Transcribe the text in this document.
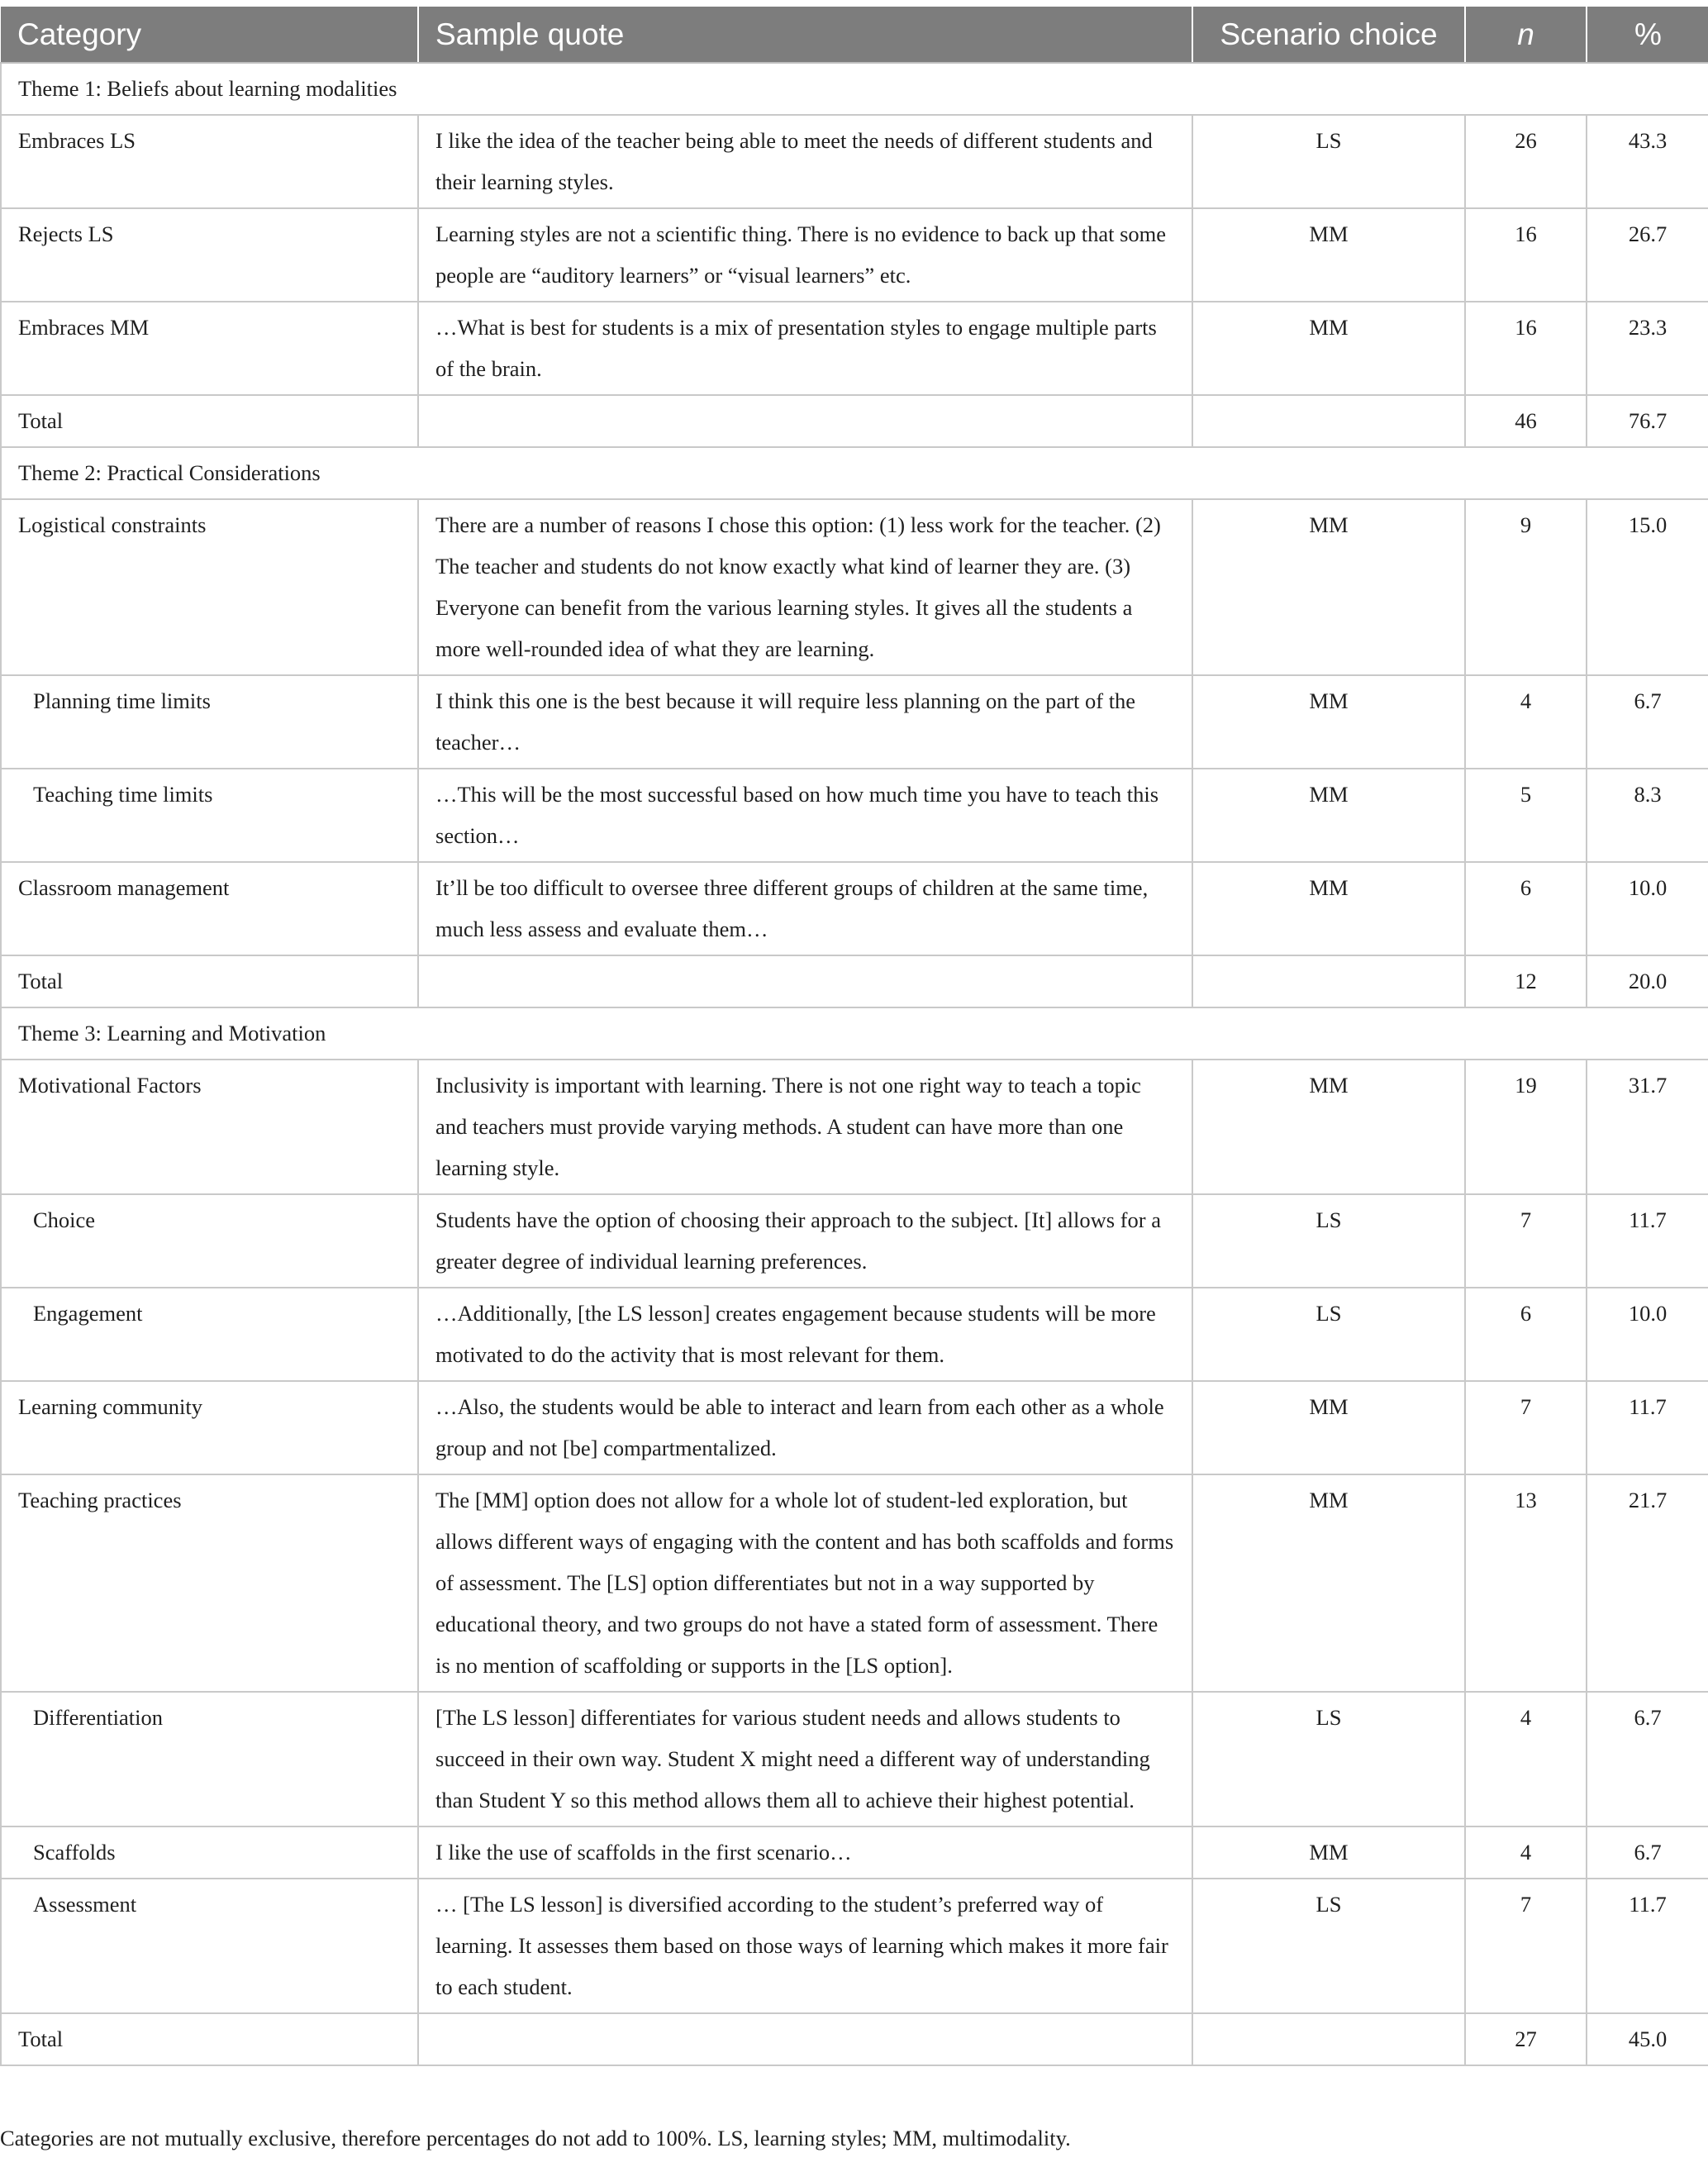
Category	Sample quote	Scenario choice	n	%
Theme 1: Beliefs about learning modalities				
Embraces LS	I like the idea of the teacher being able to meet the needs of different students and their learning styles.	LS	26	43.3
Rejects LS	Learning styles are not a scientific thing. There is no evidence to back up that some people are “auditory learners” or “visual learners” etc.	MM	16	26.7
Embraces MM	…What is best for students is a mix of presentation styles to engage multiple parts of the brain.	MM	16	23.3
Total			46	76.7
Theme 2: Practical Considerations				
Logistical constraints	There are a number of reasons I chose this option: (1) less work for the teacher. (2) The teacher and students do not know exactly what kind of learner they are. (3) Everyone can benefit from the various learning styles. It gives all the students a more well-rounded idea of what they are learning.	MM	9	15.0
Planning time limits	I think this one is the best because it will require less planning on the part of the teacher…	MM	4	6.7
Teaching time limits	…This will be the most successful based on how much time you have to teach this section…	MM	5	8.3
Classroom management	It’ll be too difficult to oversee three different groups of children at the same time, much less assess and evaluate them…	MM	6	10.0
Total			12	20.0
Theme 3: Learning and Motivation				
Motivational Factors	Inclusivity is important with learning. There is not one right way to teach a topic and teachers must provide varying methods. A student can have more than one learning style.	MM	19	31.7
Choice	Students have the option of choosing their approach to the subject. [It] allows for a greater degree of individual learning preferences.	LS	7	11.7
Engagement	…Additionally, [the LS lesson] creates engagement because students will be more motivated to do the activity that is most relevant for them.	LS	6	10.0
Learning community	…Also, the students would be able to interact and learn from each other as a whole group and not [be] compartmentalized.	MM	7	11.7
Teaching practices	The [MM] option does not allow for a whole lot of student-led exploration, but allows different ways of engaging with the content and has both scaffolds and forms of assessment. The [LS] option differentiates but not in a way supported by educational theory, and two groups do not have a stated form of assessment. There is no mention of scaffolding or supports in the [LS option].	MM	13	21.7
Differentiation	[The LS lesson] differentiates for various student needs and allows students to succeed in their own way. Student X might need a different way of understanding than Student Y so this method allows them all to achieve their highest potential.	LS	4	6.7
Scaffolds	I like the use of scaffolds in the first scenario…	MM	4	6.7
Assessment	… [The LS lesson] is diversified according to the student’s preferred way of learning. It assesses them based on those ways of learning which makes it more fair to each student.	LS	7	11.7
Total			27	45.0
Categories are not mutually exclusive, therefore percentages do not add to 100%. LS, learning styles; MM, multimodality.
